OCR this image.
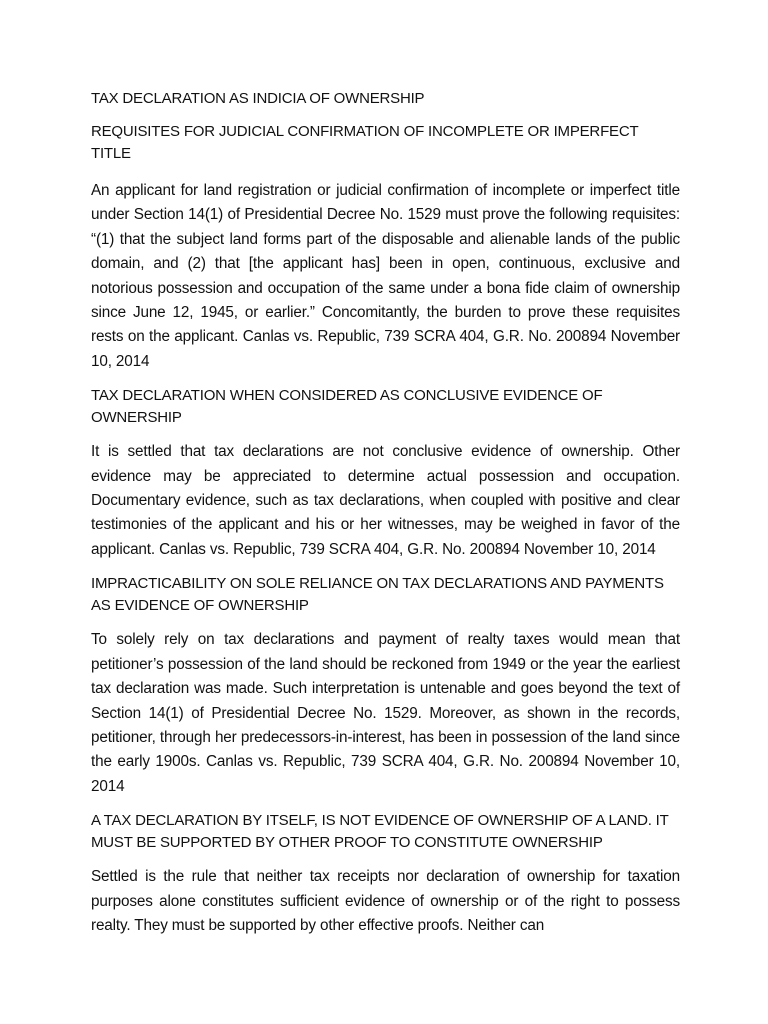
TAX DECLARATION AS INDICIA OF OWNERSHIP

REQUISITES FOR JUDICIAL CONFIRMATION OF INCOMPLETE OR IMPERFECT TITLE

An applicant for land registration or judicial confirmation of incomplete or imperfect title under Section 14(1) of Presidential Decree No. 1529 must prove the following requisites: “(1) that the subject land forms part of the disposable and alienable lands of the public domain, and (2) that [the applicant has] been in open, continuous, exclusive and notorious possession and occupation of the same under a bona fide claim of ownership since June 12, 1945, or earlier.” Concomitantly, the burden to prove these requisites rests on the applicant. Canlas vs. Republic, 739 SCRA 404, G.R. No. 200894 November 10, 2014

TAX DECLARATION WHEN CONSIDERED AS CONCLUSIVE EVIDENCE OF OWNERSHIP

It is settled that tax declarations are not conclusive evidence of ownership. Other evidence may be appreciated to determine actual possession and occupation. Documentary evidence, such as tax declarations, when coupled with positive and clear testimonies of the applicant and his or her witnesses, may be weighed in favor of the applicant. Canlas vs. Republic, 739 SCRA 404, G.R. No. 200894 November 10, 2014

IMPRACTICABILITY ON SOLE RELIANCE ON TAX DECLARATIONS AND PAYMENTS AS EVIDENCE OF OWNERSHIP

To solely rely on tax declarations and payment of realty taxes would mean that petitioner’s possession of the land should be reckoned from 1949 or the year the earliest tax declaration was made. Such interpretation is untenable and goes beyond the text of Section 14(1) of Presidential Decree No. 1529. Moreover, as shown in the records, petitioner, through her predecessors-in-interest, has been in possession of the land since the early 1900s. Canlas vs. Republic, 739 SCRA 404, G.R. No. 200894 November 10, 2014

A TAX DECLARATION BY ITSELF, IS NOT EVIDENCE OF OWNERSHIP OF A LAND. IT MUST BE SUPPORTED BY OTHER PROOF TO CONSTITUTE OWNERSHIP

Settled is the rule that neither tax receipts nor declaration of ownership for taxation purposes alone constitutes sufficient evidence of ownership or of the right to possess realty. They must be supported by other effective proofs. Neither can
